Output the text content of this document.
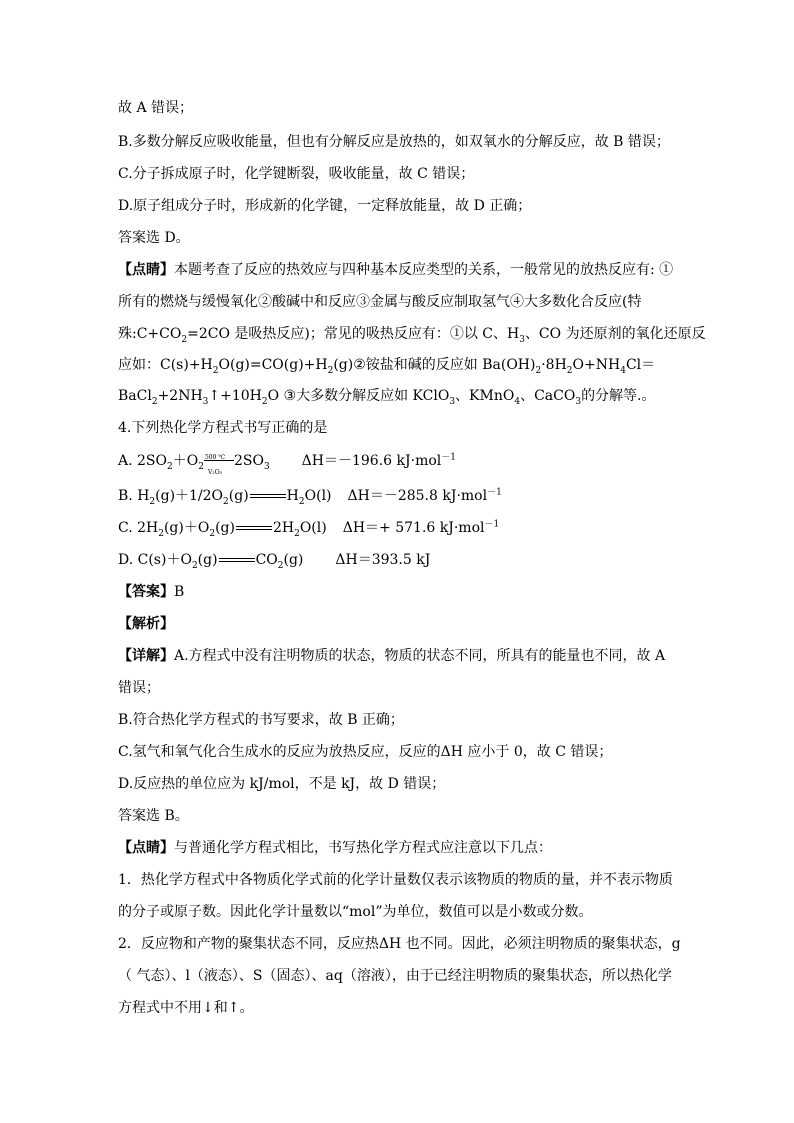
故 A 错误；
B.多数分解反应吸收能量，但也有分解反应是放热的，如双氧水的分解反应，故 B 错误；
C.分子拆成原子时，化学键断裂，吸收能量，故 C 错误；
D.原子组成分子时，形成新的化学键，一定释放能量，故 D 正确；
答案选 D。
【点睛】本题考查了反应的热效应与四种基本反应类型的关系，一般常见的放热反应有: ①
所有的燃烧与缓慢氧化②酸碱中和反应③金属与酸反应制取氢气④大多数化合反应(特
殊$:C+CO_2=2CO$ 是吸热反应)；常见的吸热反应有：①以 C、$H_3$、CO 为还原剂的氧化还原反
应如：$C(s)+H_2O(g)=CO(g)+H_2(g)②$铵盐和碱的反应如 $Ba(OH)_2\cdot 8H_2O+NH_4Cl=$
$BaCl_2+2NH_3↑+10H_2O$ ③大多数分解反应如 KClO$_3$、KMnO$_4$、CaCO$_3$的分解等.。
4.下列热化学方程式书写正确的是
A. $2SO_2+O_2 \frac{500 ℃}{\text{V₂O₅}} 2SO_3$ ΔH＝－196.6 kJ·mol$^{-1}$
B. $H_2(g)+1/2O_2(g)$	$H_2O(l)$ ΔH＝－285.8 kJ·mol$^{-1}$
C. $2H_2(g)+O_2(g)$	$2H_2O(l)$ ΔH＝+ 571.6 kJ·mol$^{-1}$
D. $C(s)+O_2(g)$	$CO_2(g)$ ΔH＝393.5 kJ
【答案】B
【解析】
【详解】A.方程式中没有注明物质的状态，物质的状态不同，所具有的能量也不同，故 A
错误；
B.符合热化学方程式的书写要求，故 B 正确；
C.氢气和氧气化合生成水的反应为放热反应，反应的ΔH 应小于 0，故 C 错误；
D.反应热的单位应为 kJ/mol，不是 kJ，故 D 错误；
答案选 B。
【点睛】与普通化学方程式相比，书写热化学方程式应注意以下几点：
1．热化学方程式中各物质化学式前的化学计量数仅表示该物质的物质的量，并不表示物质
的分子或原子数。因此化学计量数以“mol”为单位，数值可以是小数或分数。
2．反应物和产物的聚集状态不同，反应热ΔH 也不同。因此，必须注明物质的聚集状态，g
（ 气态）、l（液态）、S（固态）、aq（溶液），由于已经注明物质的聚集状态，所以热化学
方程式中不用↓和↑。
